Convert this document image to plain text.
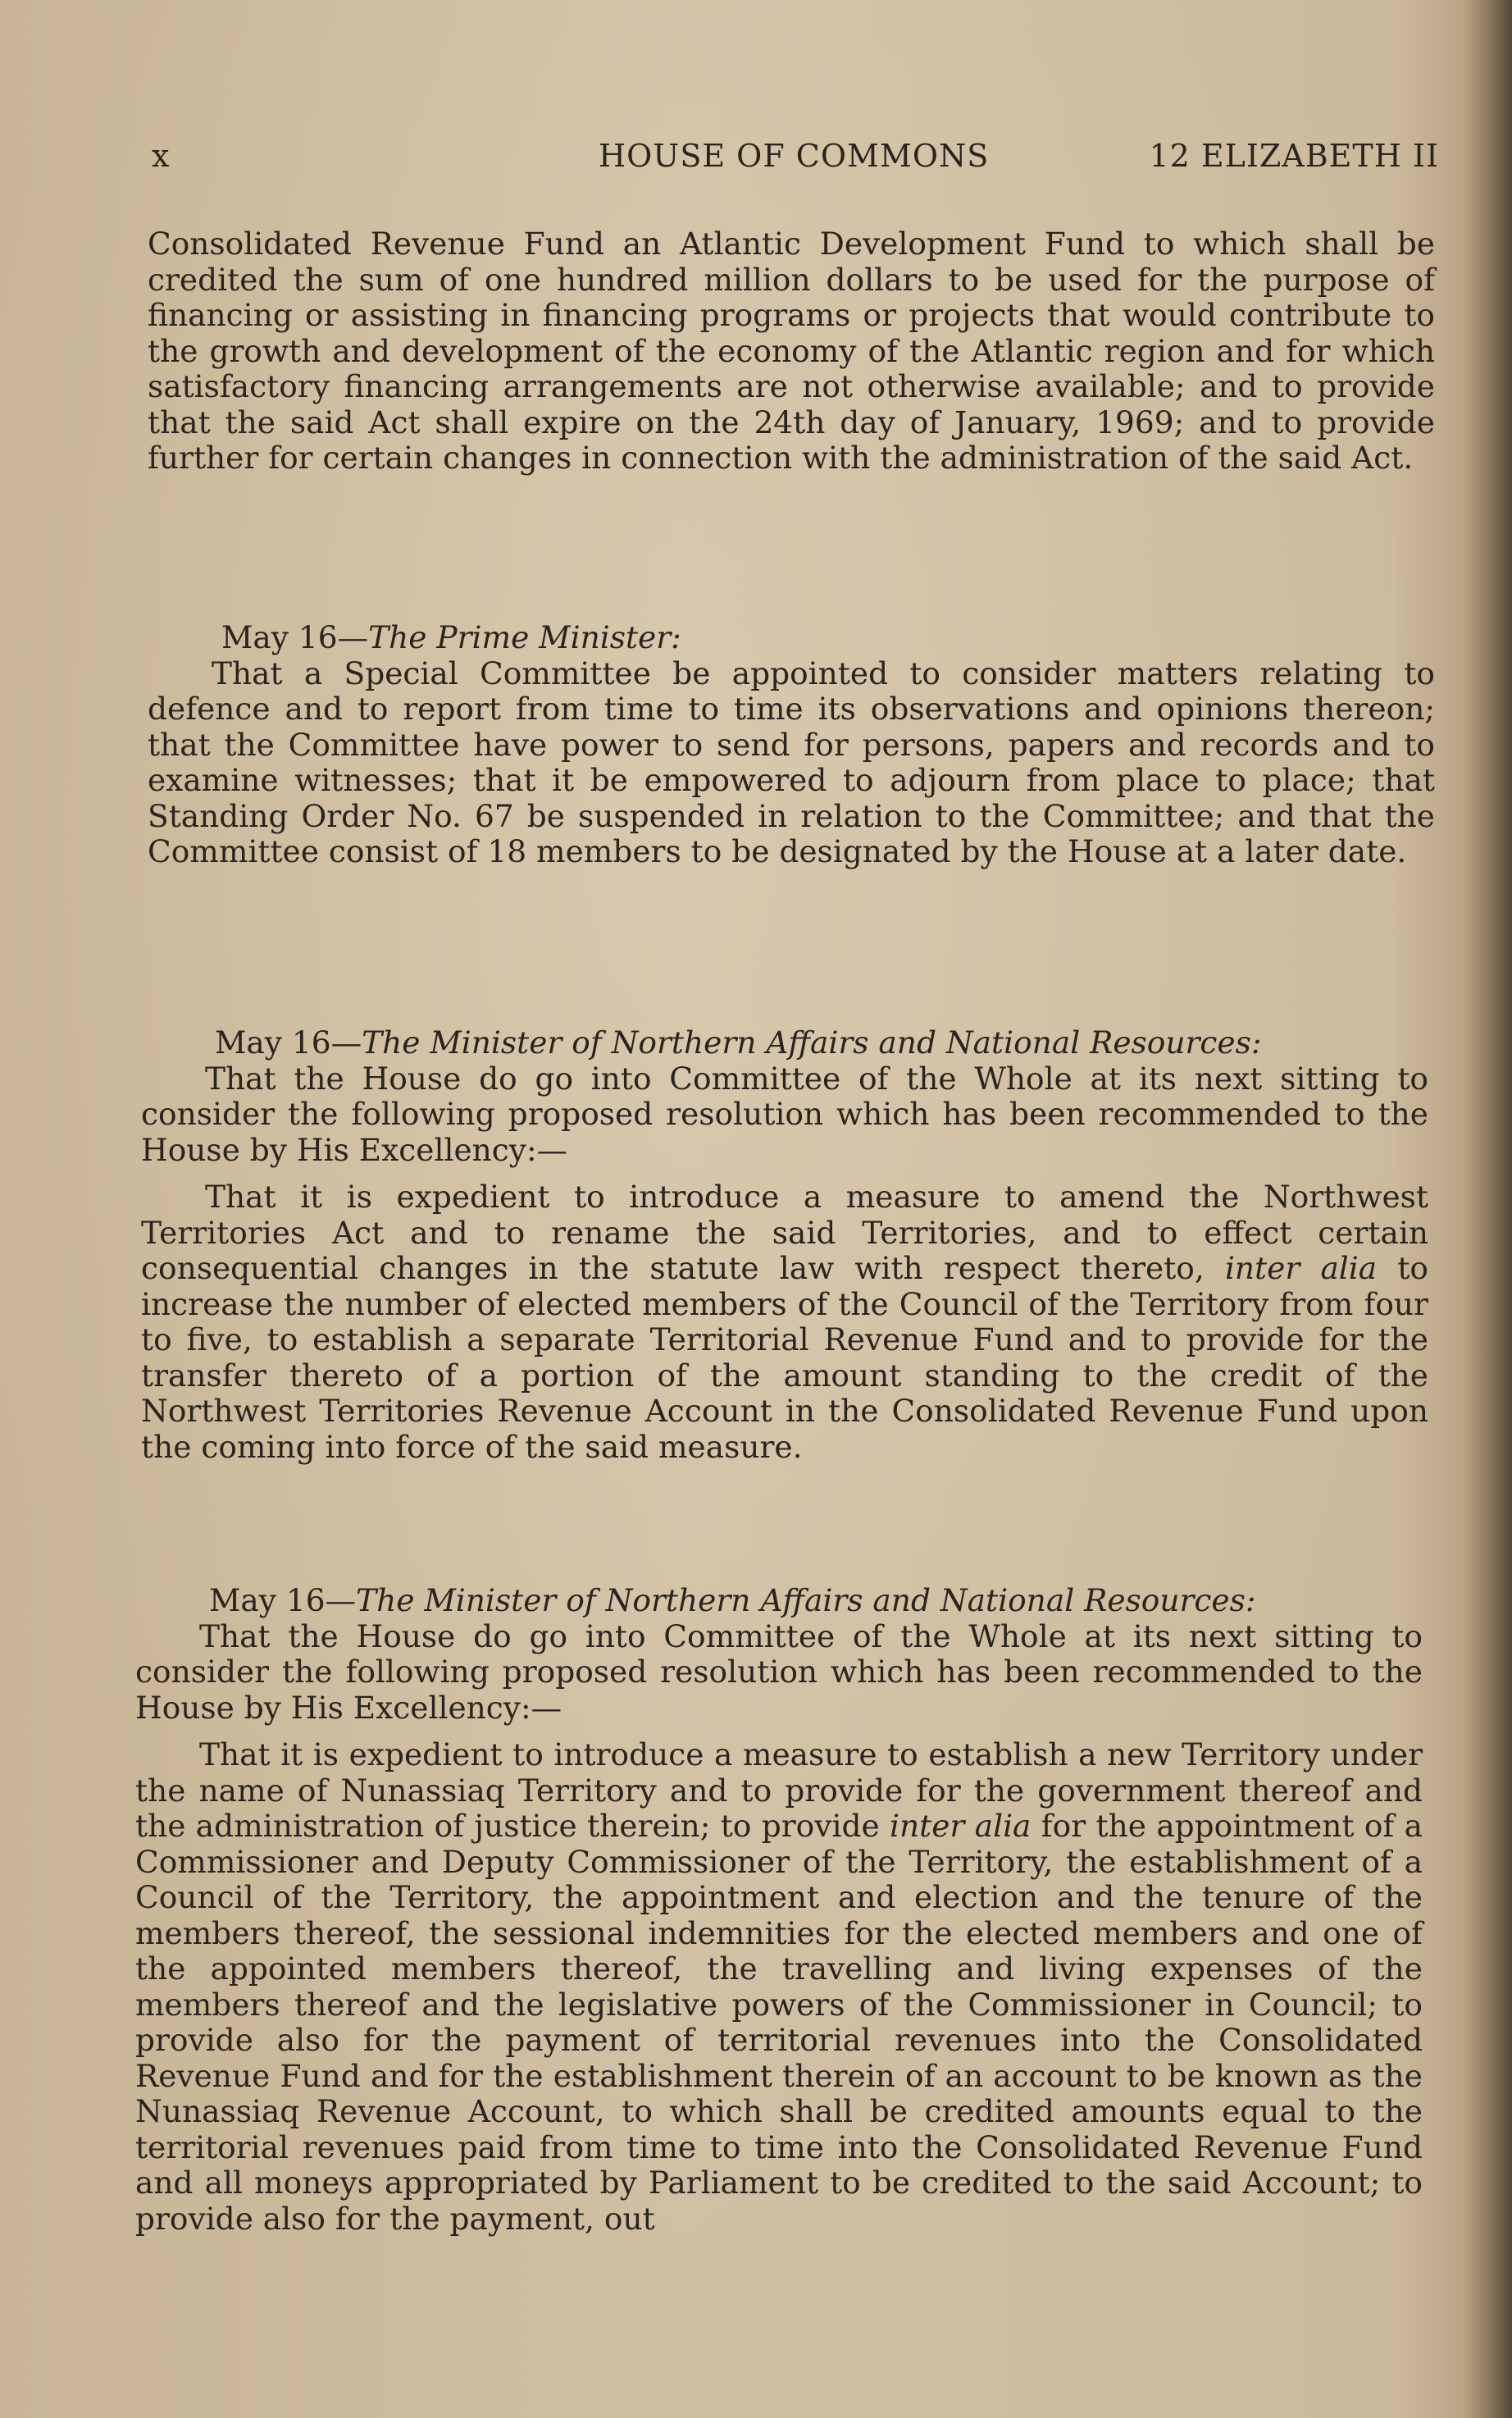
x	HOUSE OF COMMONS	12 ELIZABETH II

Consolidated Revenue Fund an Atlantic Development Fund to which shall be credited the sum of one hundred million dollars to be used for the purpose of financing or assisting in financing programs or projects that would contribute to the growth and development of the economy of the Atlantic region and for which satisfactory financing arrangements are not otherwise available; and to provide that the said Act shall expire on the 24th day of January, 1969; and to provide further for certain changes in connection with the administration of the said Act.

May 16—The Prime Minister:

That a Special Committee be appointed to consider matters relating to defence and to report from time to time its observations and opinions thereon; that the Committee have power to send for persons, papers and records and to examine witnesses; that it be empowered to adjourn from place to place; that Standing Order No. 67 be suspended in relation to the Committee; and that the Committee consist of 18 members to be designated by the House at a later date.

May 16—The Minister of Northern Affairs and National Resources:

That the House do go into Committee of the Whole at its next sitting to consider the following proposed resolution which has been recommended to the House by His Excellency:—

That it is expedient to introduce a measure to amend the Northwest Territories Act and to rename the said Territories, and to effect certain consequential changes in the statute law with respect thereto, inter alia to increase the number of elected members of the Council of the Territory from four to five, to establish a separate Territorial Revenue Fund and to provide for the transfer thereto of a portion of the amount standing to the credit of the Northwest Territories Revenue Account in the Consolidated Revenue Fund upon the coming into force of the said measure.

May 16—The Minister of Northern Affairs and National Resources:

That the House do go into Committee of the Whole at its next sitting to consider the following proposed resolution which has been recommended to the House by His Excellency:—

That it is expedient to introduce a measure to establish a new Territory under the name of Nunassiaq Territory and to provide for the government thereof and the administration of justice therein; to provide inter alia for the appointment of a Commissioner and Deputy Commissioner of the Territory, the establishment of a Council of the Territory, the appointment and election and the tenure of the members thereof, the sessional indemnities for the elected members and one of the appointed members thereof, the travelling and living expenses of the members thereof and the legislative powers of the Commissioner in Council; to provide also for the payment of territorial revenues into the Consolidated Revenue Fund and for the establishment therein of an account to be known as the Nunassiaq Revenue Account, to which shall be credited amounts equal to the territorial revenues paid from time to time into the Consolidated Revenue Fund and all moneys appropriated by Parliament to be credited to the said Account; to provide also for the payment, out
